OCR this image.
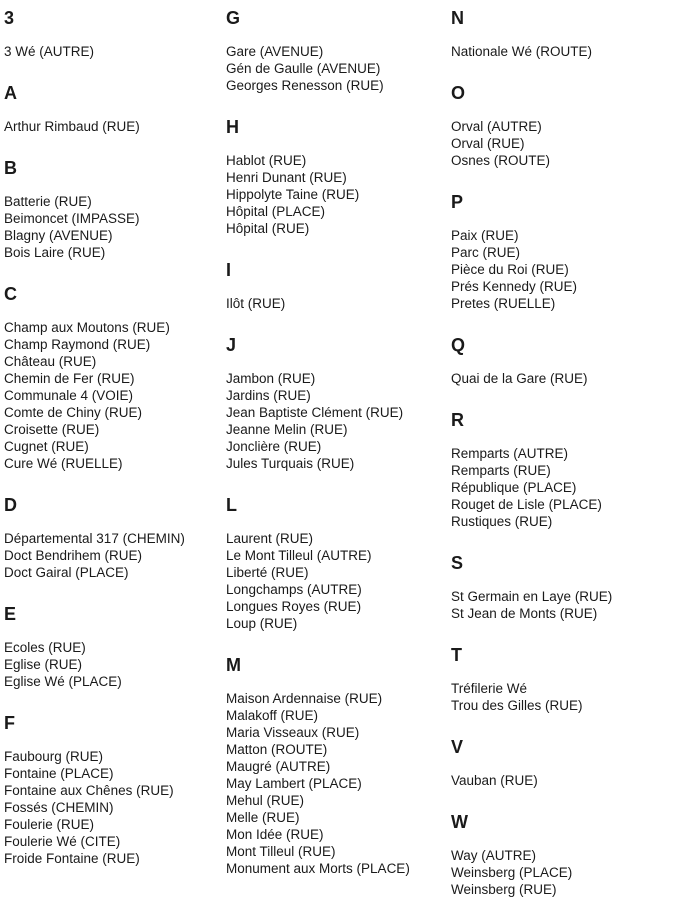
3
3 Wé (AUTRE)
A
Arthur Rimbaud (RUE)
B
Batterie (RUE)
Beimoncet (IMPASSE)
Blagny (AVENUE)
Bois Laire (RUE)
C
Champ aux Moutons (RUE)
Champ Raymond (RUE)
Château (RUE)
Chemin de Fer (RUE)
Communale 4 (VOIE)
Comte de Chiny (RUE)
Croisette (RUE)
Cugnet (RUE)
Cure Wé (RUELLE)
D
Départemental 317 (CHEMIN)
Doct Bendrihem (RUE)
Doct Gairal (PLACE)
E
Ecoles (RUE)
Eglise (RUE)
Eglise Wé (PLACE)
F
Faubourg (RUE)
Fontaine (PLACE)
Fontaine aux Chênes (RUE)
Fossés (CHEMIN)
Foulerie (RUE)
Foulerie Wé (CITE)
Froide Fontaine (RUE)
G
Gare (AVENUE)
Gén de Gaulle (AVENUE)
Georges Renesson (RUE)
H
Hablot (RUE)
Henri Dunant (RUE)
Hippolyte Taine (RUE)
Hôpital (PLACE)
Hôpital (RUE)
I
Ilôt (RUE)
J
Jambon (RUE)
Jardins (RUE)
Jean Baptiste Clément (RUE)
Jeanne Melin (RUE)
Jonclière (RUE)
Jules Turquais (RUE)
L
Laurent (RUE)
Le Mont Tilleul (AUTRE)
Liberté (RUE)
Longchamps (AUTRE)
Longues Royes (RUE)
Loup (RUE)
M
Maison Ardennaise (RUE)
Malakoff (RUE)
Maria Visseaux (RUE)
Matton (ROUTE)
Maugré (AUTRE)
May Lambert (PLACE)
Mehul (RUE)
Melle (RUE)
Mon Idée (RUE)
Mont Tilleul (RUE)
Monument aux Morts (PLACE)
N
Nationale Wé (ROUTE)
O
Orval (AUTRE)
Orval (RUE)
Osnes (ROUTE)
P
Paix (RUE)
Parc (RUE)
Pièce du Roi (RUE)
Prés Kennedy (RUE)
Pretes (RUELLE)
Q
Quai de la Gare (RUE)
R
Remparts (AUTRE)
Remparts (RUE)
République (PLACE)
Rouget de Lisle (PLACE)
Rustiques (RUE)
S
St Germain en Laye (RUE)
St Jean de Monts (RUE)
T
Tréfilerie Wé
Trou des Gilles (RUE)
V
Vauban (RUE)
W
Way (AUTRE)
Weinsberg (PLACE)
Weinsberg (RUE)
